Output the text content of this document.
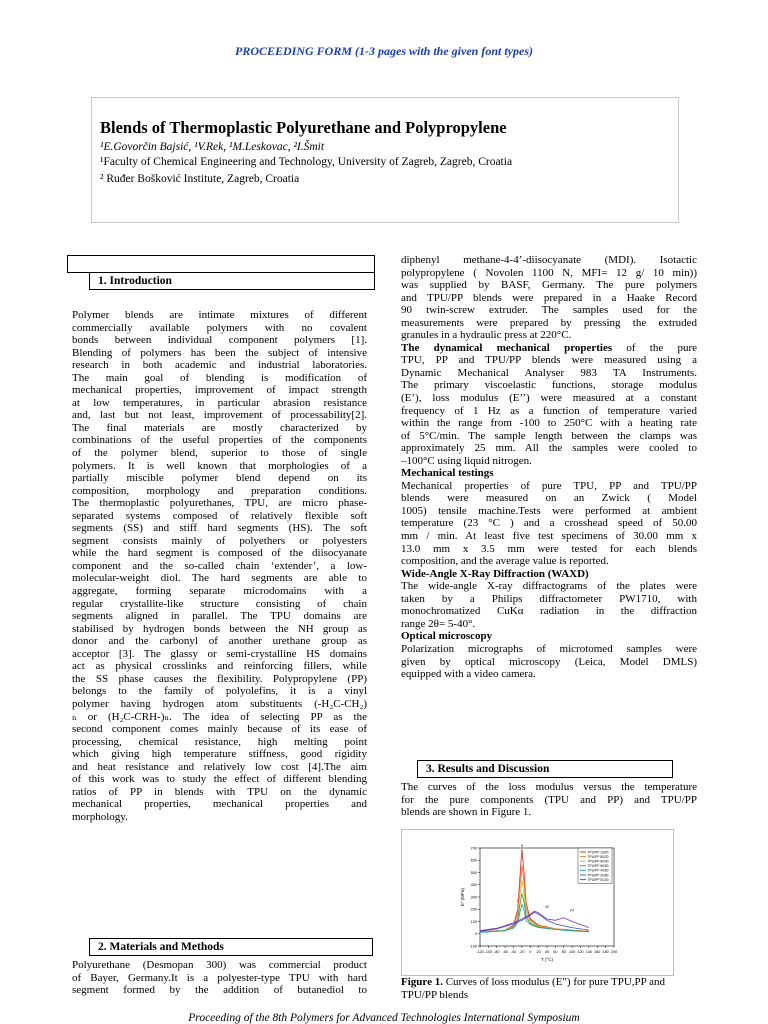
PROCEEDING FORM (1-3 pages with the given font types)
Blends of Thermoplastic Polyurethane and Polypropylene
¹E.Govorčin Bajsić, ¹V.Rek, ¹M.Leskovac, ²I.Šmit
¹Faculty of Chemical Engineering and Technology, University of Zagreb, Zagreb, Croatia
² Ruđer Bošković Institute, Zagreb, Croatia
1. Introduction

Polymer blends are intimate mixtures of different

commercially available polymers with no covalent

bonds between individual component polymers [1].

Blending of polymers has been the subject of intensive

research in both academic and industrial laboratories.

The main goal of blending is modification of

mechanical properties, improvement of impact strength

at low temperatures, in particular abrasion resistance

and, last but not least, improvement of processability[2].

The final materials are mostly characterized by

combinations of the useful properties of the components

of the polymer blend, superior to those of single

polymers. It is well known that morphologies of a

partially miscible polymer blend depend on its

composition, morphology and preparation conditions.

The thermoplastic polyurethanes, TPU, are micro phase-

separated systems composed of relatively flexible soft

segments (SS) and stiff hard segments (HS). The soft

segment consists mainly of polyethers or polyesters

while the hard segment is composed of the diisocyanate

component and the so-called chain ‘extender’, a low-

molecular-weight diol. The hard segments are able to

aggregate, forming separate microdomains with a

regular crystallite-like structure consisting of chain

segments aligned in parallel. The TPU domains are

stabilised by hydrogen bonds between the NH group as

donor and the carbonyl of another urethane group as

acceptor [3]. The glassy or semi-crystalline HS domains

act as physical crosslinks and reinforcing fillers, while

the SS phase causes the flexibility. Polypropylene (PP)

belongs to the family of polyolefins, it is a vinyl

polymer having hydrogen atom substituents (-H₂C-CH₂)

ₙ or (H₂C-CRH-)ₙ. The idea of selecting PP as the

second component comes mainly because of its ease of

processing, chemical resistance, high melting point

which giving high temperature stiffness, good rigidity

and heat resistance and relatively low cost [4].The aim

of this work was to study the effect of different blending

ratios of PP in blends with TPU on the dynamic

mechanical properties, mechanical properties and

morphology.

2. Materials and Methods

Polyurethane (Desmopan 300) was commercial product

of Bayer, Germany.It is a polyester-type TPU with hard

segment formed by the addition of butanediol to

diphenyl methane-4-4’-diisocyanate (MDI). Isotactic

polypropylene ( Novolen 1100 N, MFI= 12 g/ 10 min))

was supplied by BASF, Germany. The pure polymers

and TPU/PP blends were prepared in a Haake Record

90 twin-screw extruder. The samples used for the

measurements were prepared by pressing the extruded

granules in a hydraulic press at 220°C.

The dynamical mechanical properties of the pure

TPU, PP and TPU/PP blends were measured using a

Dynamic Mechanical Analyser 983 TA Instruments.

The primary viscoelastic functions, storage modulus

(E’), loss modulus (E’’) were measured at a constant

frequency of 1 Hz as a function of temperature varied

within the range from -100 to 250°C with a heating rate

of 5°C/min. The sample length between the clamps was

approximately 25 mm. All the samples were cooled to

–100°C using liquid nitrogen.

Mechanical testings

Mechanical properties of pure TPU, PP and TPU/PP

blends were measured on an Zwick ( Model

1005) tensile machine.Tests were performed at ambient

temperature (23 °C ) and a crosshead speed of 50.00

mm / min. At least five test specimens of 30.00 mm x

13.0 mm x 3.5 mm were tested for each blends

composition, and the average value is reported.

Wide-Angle X-Ray Diffraction (WAXD)

The wide-angle X-ray diffractograms of the plates were

taken by a Philips diffractometer PW1710, with

monochromatized CuKα radiation in the diffraction

range 2θ= 5-40°.

Optical microscopy

Polarization micrographs of microtomed samples were

given by optical microscopy (Leica, Model DMLS)

equipped with a video camera.

3. Results and Discussion

The curves of the loss modulus versus the temperature

for the pure components (TPU and PP) and TPU/PP

blends are shown in Figure 1.

-120 -100 -80 -60 -40 -20 0 20 40 60 80 100 120 140 160 180 200
-100
0
100
200
300
400
500
600
700
T (°C)
E" (MPa)
TPU/PP 100/0
TPU/PP 80/20
TPU/PP 60/40
TPU/PP 50/50
TPU/PP 40/60
TPU/PP 20/80
TPU/PP 0/100
I
II
III
IV
Figure 1. Curves of loss modulus (E") for pure TPU,PP and TPU/PP blends
Proceeding of the 8th Polymers for Advanced Technologies International Symposium
